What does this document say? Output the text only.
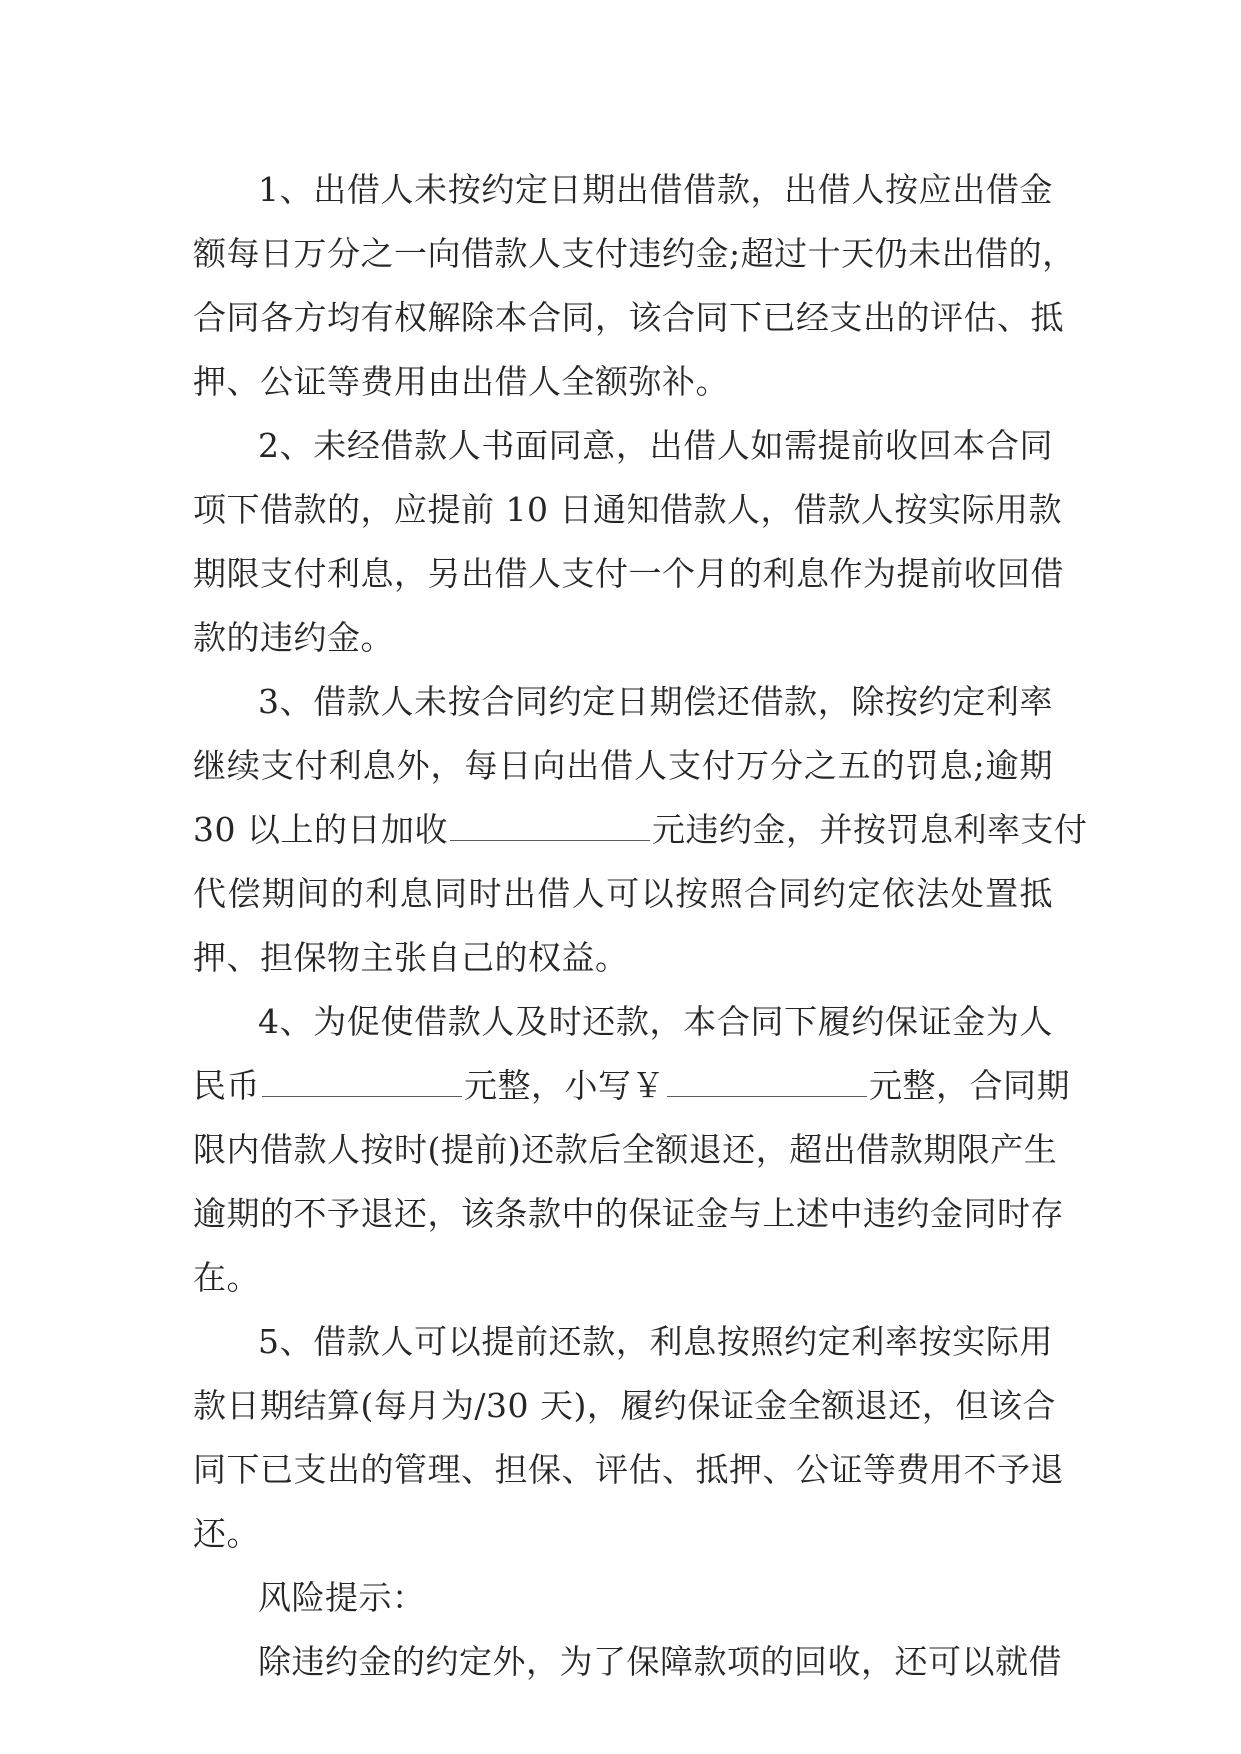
1、出借人未按约定日期出借借款，出借人按应出借金
额每日万分之一向借款人支付违约金;超过十天仍未出借的，
合同各方均有权解除本合同，该合同下已经支出的评估、抵
押、公证等费用由出借人全额弥补。
2、未经借款人书面同意，出借人如需提前收回本合同
项下借款的，应提前 10 日通知借款人，借款人按实际用款
期限支付利息，另出借人支付一个月的利息作为提前收回借
款的违约金。
3、借款人未按合同约定日期偿还借款，除按约定利率
继续支付利息外，每日向出借人支付万分之五的罚息;逾期
30 以上的日加收	元违约金，并按罚息利率支付
代偿期间的利息同时出借人可以按照合同约定依法处置抵
押、担保物主张自己的权益。
4、为促使借款人及时还款，本合同下履约保证金为人
民币	元整，小写￥	元整，合同期
限内借款人按时(提前)还款后全额退还，超出借款期限产生
逾期的不予退还，该条款中的保证金与上述中违约金同时存
在。
5、借款人可以提前还款，利息按照约定利率按实际用
款日期结算(每月为/30 天)，履约保证金全额退还，但该合
同下已支出的管理、担保、评估、抵押、公证等费用不予退
还。
风险提示：
除违约金的约定外，为了保障款项的回收，还可以就借
